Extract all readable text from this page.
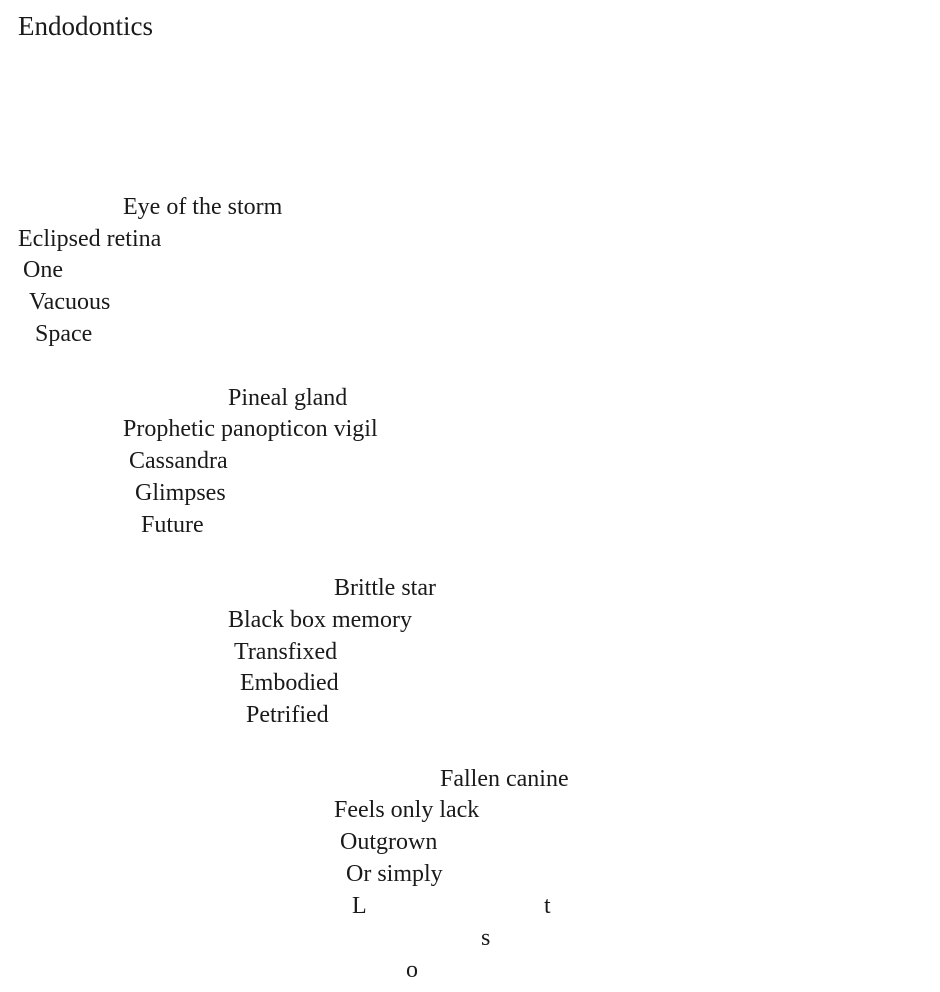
Endodontics
Eye of the storm
Eclipsed retina
One
Vacuous
Space
Pineal gland
Prophetic panopticon vigil
Cassandra
Glimpses
Future
Brittle star
Black box memory
Transfixed
Embodied
Petrified
Fallen canine
Feels only lack
Outgrown
Or simply
L
o
s
t
